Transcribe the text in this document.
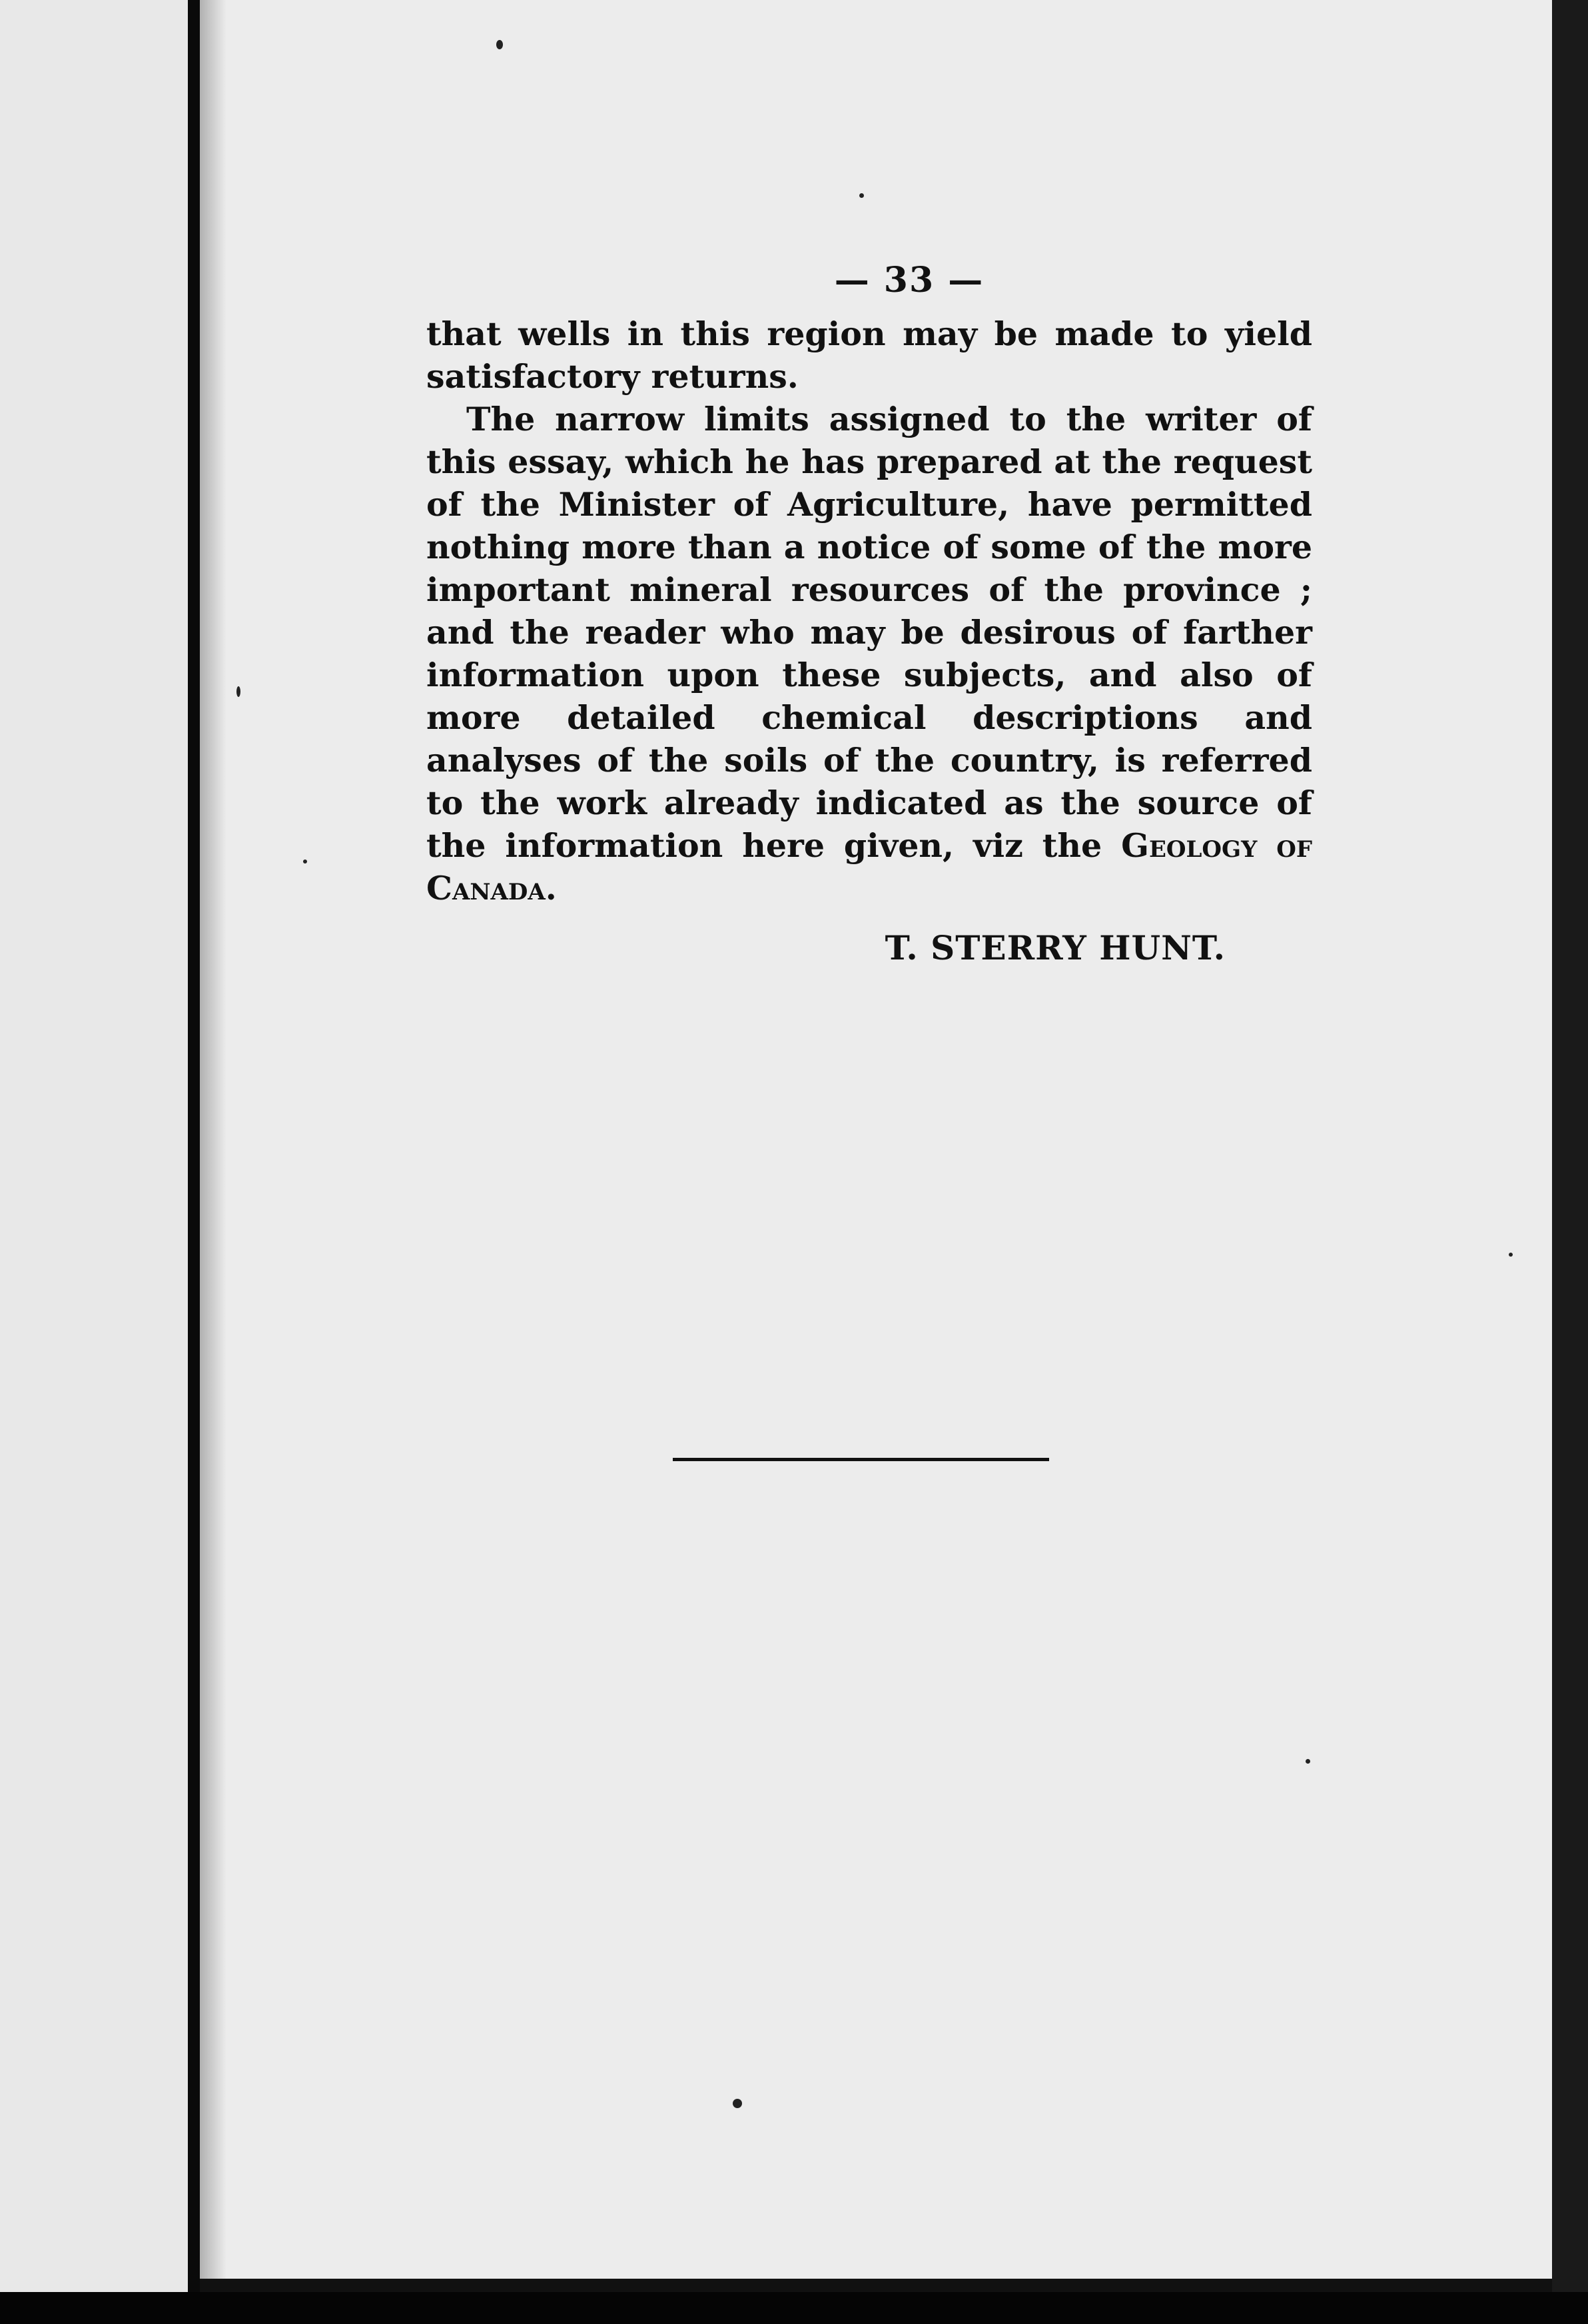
— 33 —

that wells in this region may be made to yield satisfactory returns.

The narrow limits assigned to the writer of this essay, which he has prepared at the request of the Minister of Agriculture, have permitted nothing more than a notice of some of the more important mineral resources of the province ; and the reader who may be desirous of farther information upon these subjects, and also of more detailed chemical descriptions and analyses of the soils of the country, is referred to the work already indicated as the source of the information here given, viz the Geology of Canada.

T. STERRY HUNT.
